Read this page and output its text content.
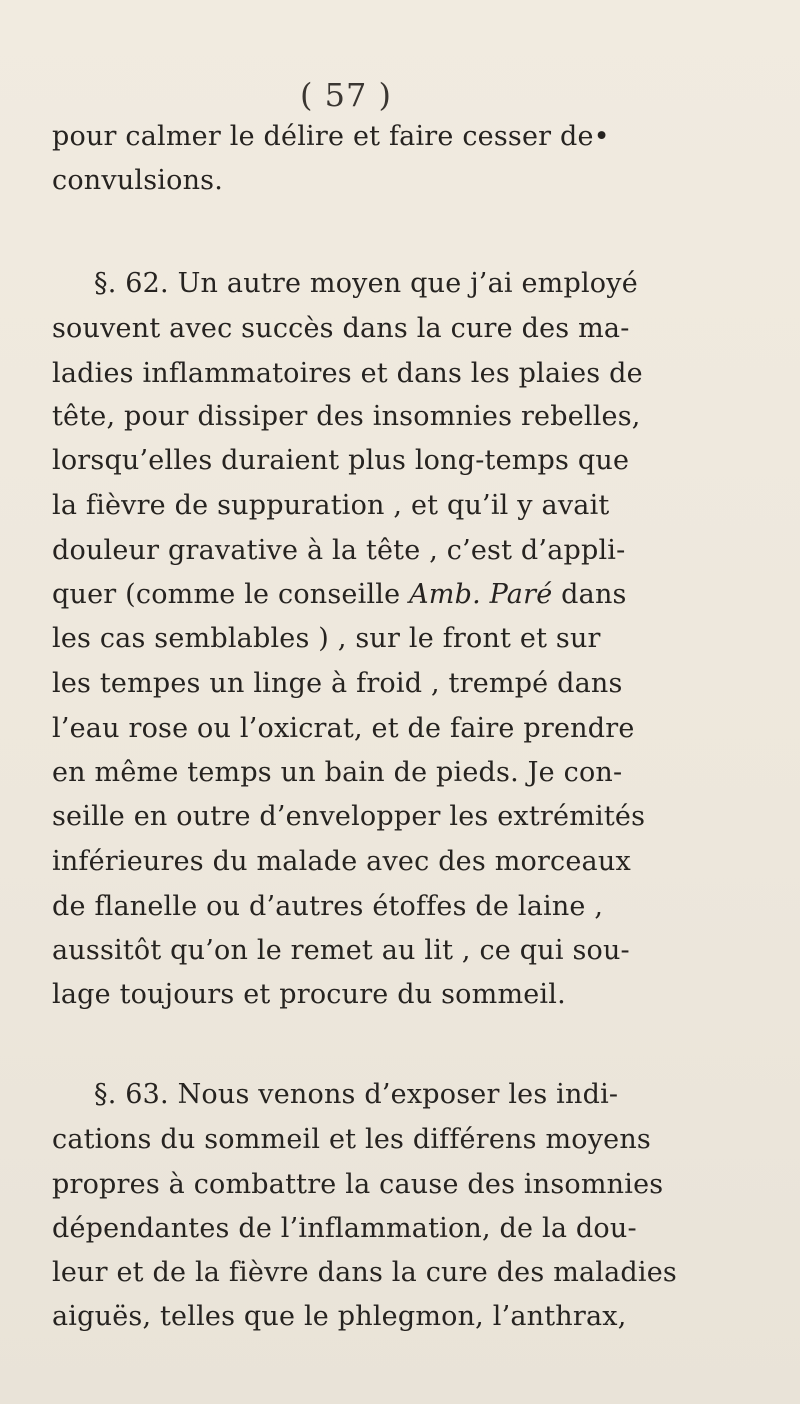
( 57 )
pour calmer le délire et faire cesser de•
convulsions.
§. 62. Un autre moyen que j’ai employé
souvent avec succès dans la cure des ma-
ladies inflammatoires et dans les plaies de
tête, pour dissiper des insomnies rebelles,
lorsqu’elles duraient plus long-temps que
la fièvre de suppuration , et qu’il y avait
douleur gravative à la tête , c’est d’appli-
quer (comme le conseille Amb. Paré dans
les cas semblables ) , sur le front et sur
les tempes un linge à froid , trempé dans
l’eau rose ou l’oxicrat, et de faire prendre
en même temps un bain de pieds. Je con-
seille en outre d’envelopper les extrémités
inférieures du malade avec des morceaux
de flanelle ou d’autres étoffes de laine ,
aussitôt qu’on le remet au lit , ce qui sou-
lage toujours et procure du sommeil.
§. 63. Nous venons d’exposer les indi-
cations du sommeil et les différens moyens
propres à combattre la cause des insomnies
dépendantes de l’inflammation, de la dou-
leur et de la fièvre dans la cure des maladies
aiguës, telles que le phlegmon, l’anthrax,
